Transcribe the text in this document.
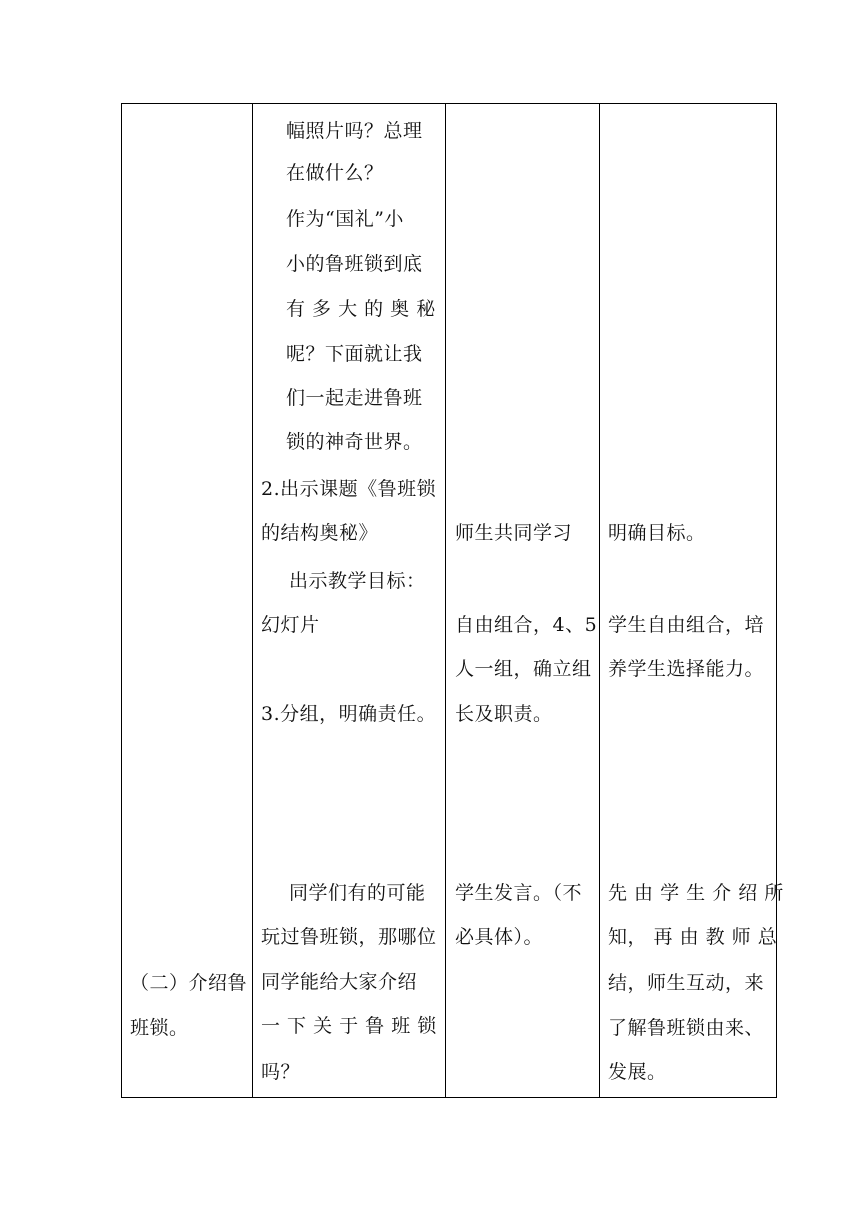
幅照片吗？总理
在做什么？
作为“国礼”小
小的鲁班锁到底
有 多 大 的 奥 秘
呢？下面就让我
们一起走进鲁班
锁的神奇世界。
2.出示课题《鲁班锁
的结构奥秘》
出示教学目标：
幻灯片
3.分组，明确责任。
同学们有的可能
玩过鲁班锁，那哪位
同学能给大家介绍
一 下 关 于 鲁 班 锁
吗？
（二）介绍鲁
班锁。
师生共同学习
自由组合，4、5
人一组，确立组
长及职责。
学生发言。（不
必具体）。
明确目标。
学生自由组合，培
养学生选择能力。
先 由 学 生 介 绍 所
知， 再 由 教 师 总
结，师生互动，来
了解鲁班锁由来、
发展。
